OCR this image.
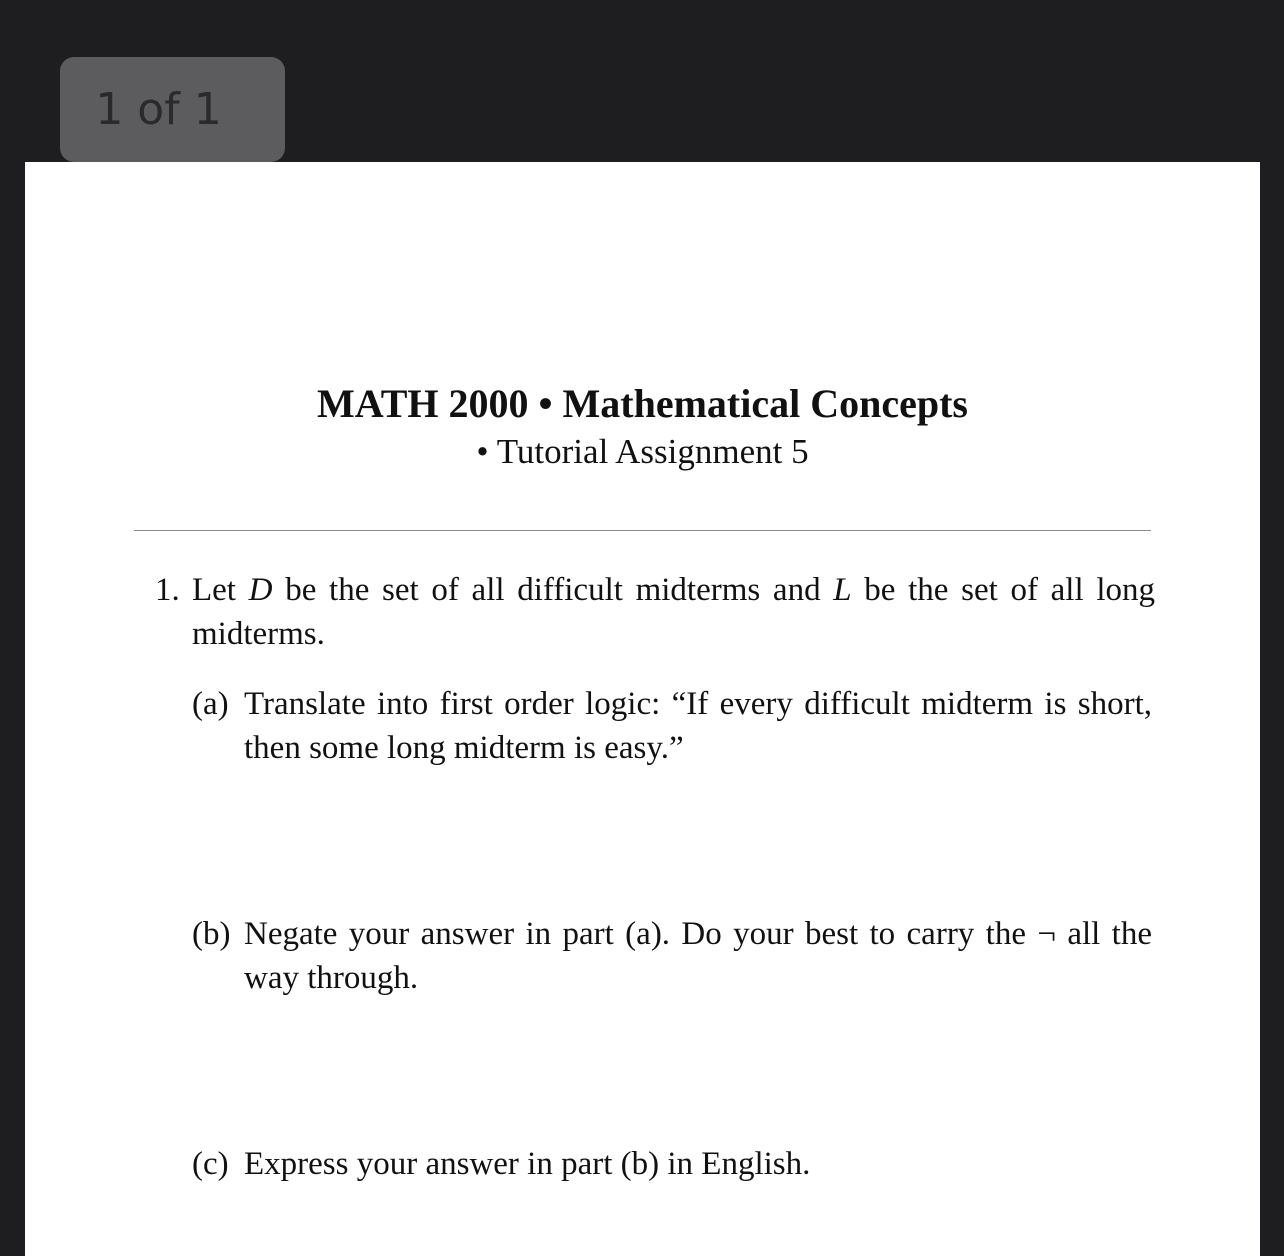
1 of 1
MATH 2000 • Mathematical Concepts
• Tutorial Assignment 5
1. Let D be the set of all difficult midterms and L be the set of all long midterms.
(a) Translate into first order logic: “If every difficult midterm is short, then some long midterm is easy.”
(b) Negate your answer in part (a). Do your best to carry the ¬ all the way through.
(c) Express your answer in part (b) in English.
